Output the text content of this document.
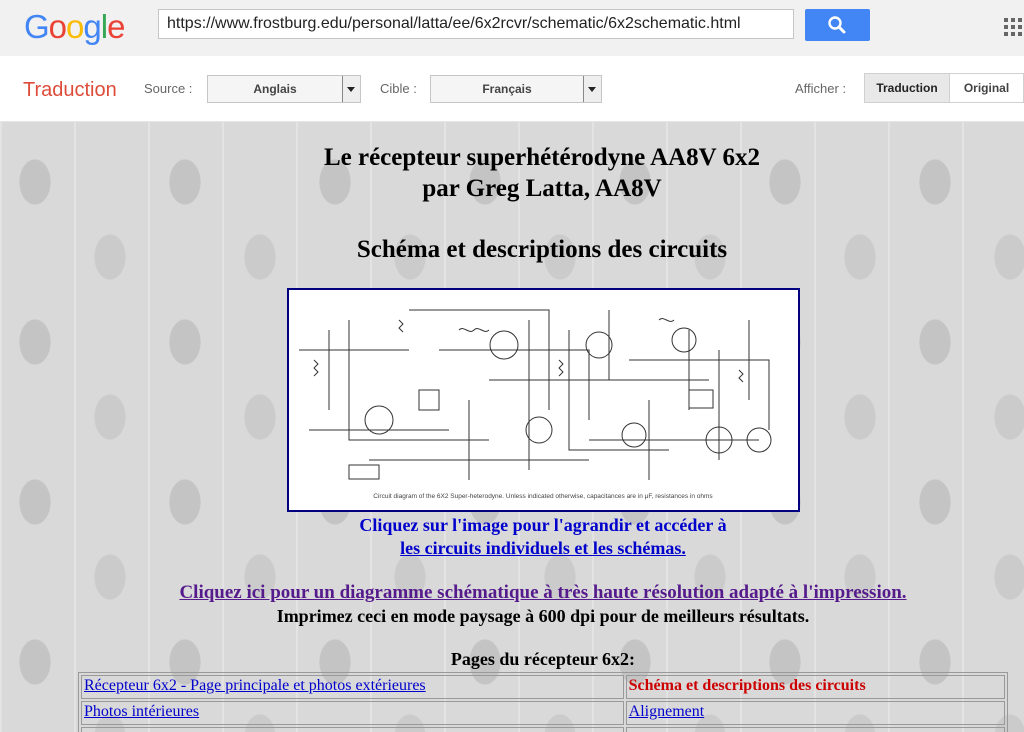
Google
https://www.frostburg.edu/personal/latta/ee/6x2rcvr/schematic/6x2schematic.html
Traduction Source :	Anglais	Cible :	Français	Afficher :	Traduction	Original
Le récepteur superhétérodyne AA8V 6x2
par Greg Latta, AA8V
Schéma et descriptions des circuits
Circuit diagram of the 6X2 Super-heterodyne. Unless indicated otherwise, capacitances are in μF, resistances in ohms
Cliquez sur l'image pour l'agrandir et accéder à
les circuits individuels et les schémas.
Cliquez ici pour un diagramme schématique à très haute résolution adapté à l'impression.
Imprimez ceci en mode paysage à 600 dpi pour de meilleurs résultats.
Pages du récepteur 6x2:
Récepteur 6x2 - Page principale et photos extérieures	Schéma et descriptions des circuits
Photos intérieures	Alignement
